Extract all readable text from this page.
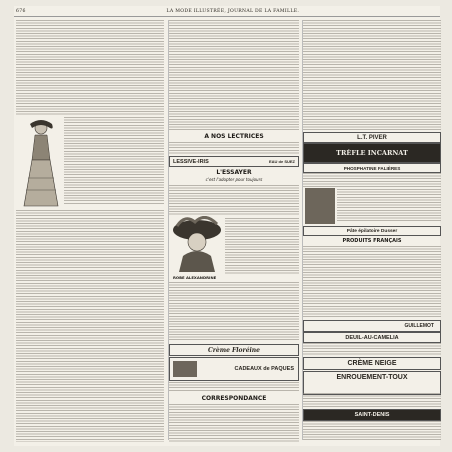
676	LA MODE ILLUSTRÉE, JOURNAL DE LA FAMILLE.
A NOS LECTRICES
LESSIVE-IRIS	EAU de SUEZ
L'ESSAYER
c'est l'adopter pour toujours
ROBE ALEXANDRINE
Crème Floréine
CADEAUX de PAQUES
CORRESPONDANCE
L.T. PIVER
TRÈFLE INCARNAT
PHOSPHATINE FALIÈRES
Pâte épilatoire Dusser
PRODUITS FRANÇAIS
GUILLEMOT
DEUIL-AU-CAMELIA
CRÈME NEIGE
ENROUEMENT-TOUX
SAINT-DENIS
